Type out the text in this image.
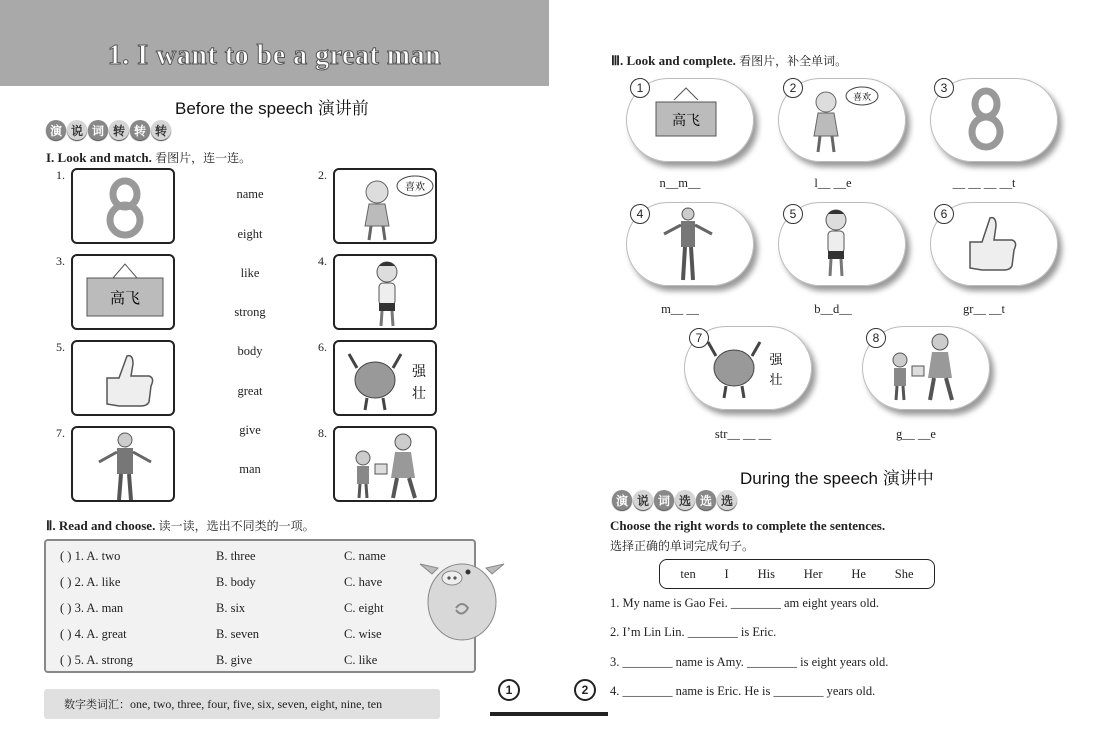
1. I want to be a great man
Before the speech 演讲前
演 说 词 转 转 转
I. Look and match. 看图片，连一连。
1.	2.
3.	4.
5.	6.
7.	8.
喜欢
高飞
强
壮
name
eight
like
strong
body
great
give
man
Ⅱ. Read and choose. 读一读，选出不同类的一项。
( ) 1. A. two	B. three	C. name
( ) 2. A. like	B. body	C. have
( ) 3. A. man	B. six	C. eight
( ) 4. A. great	B. seven	C. wise
( ) 5. A. strong	B. give	C. like
数字类词汇： one, two, three, four, five, six, seven, eight, nine, ten
1	2
Ⅲ. Look and complete. 看图片，补全单词。
高飞
喜欢
1	2	3
n__m__	l__ __e	__ __ __ __t
4	5	6
m__ __	b__d__	gr__ __t
强
壮
7	8
str__ __ __	g__ __e
During the speech 演讲中
演 说 词 选 选 选
Choose the right words to complete the sentences.
选择正确的单词完成句子。
ten I His Her He She
1. My name is Gao Fei. ________ am eight years old.
2. I’m Lin Lin. ________ is Eric.
3. ________ name is Amy. ________ is eight years old.
4. ________ name is Eric. He is ________ years old.
